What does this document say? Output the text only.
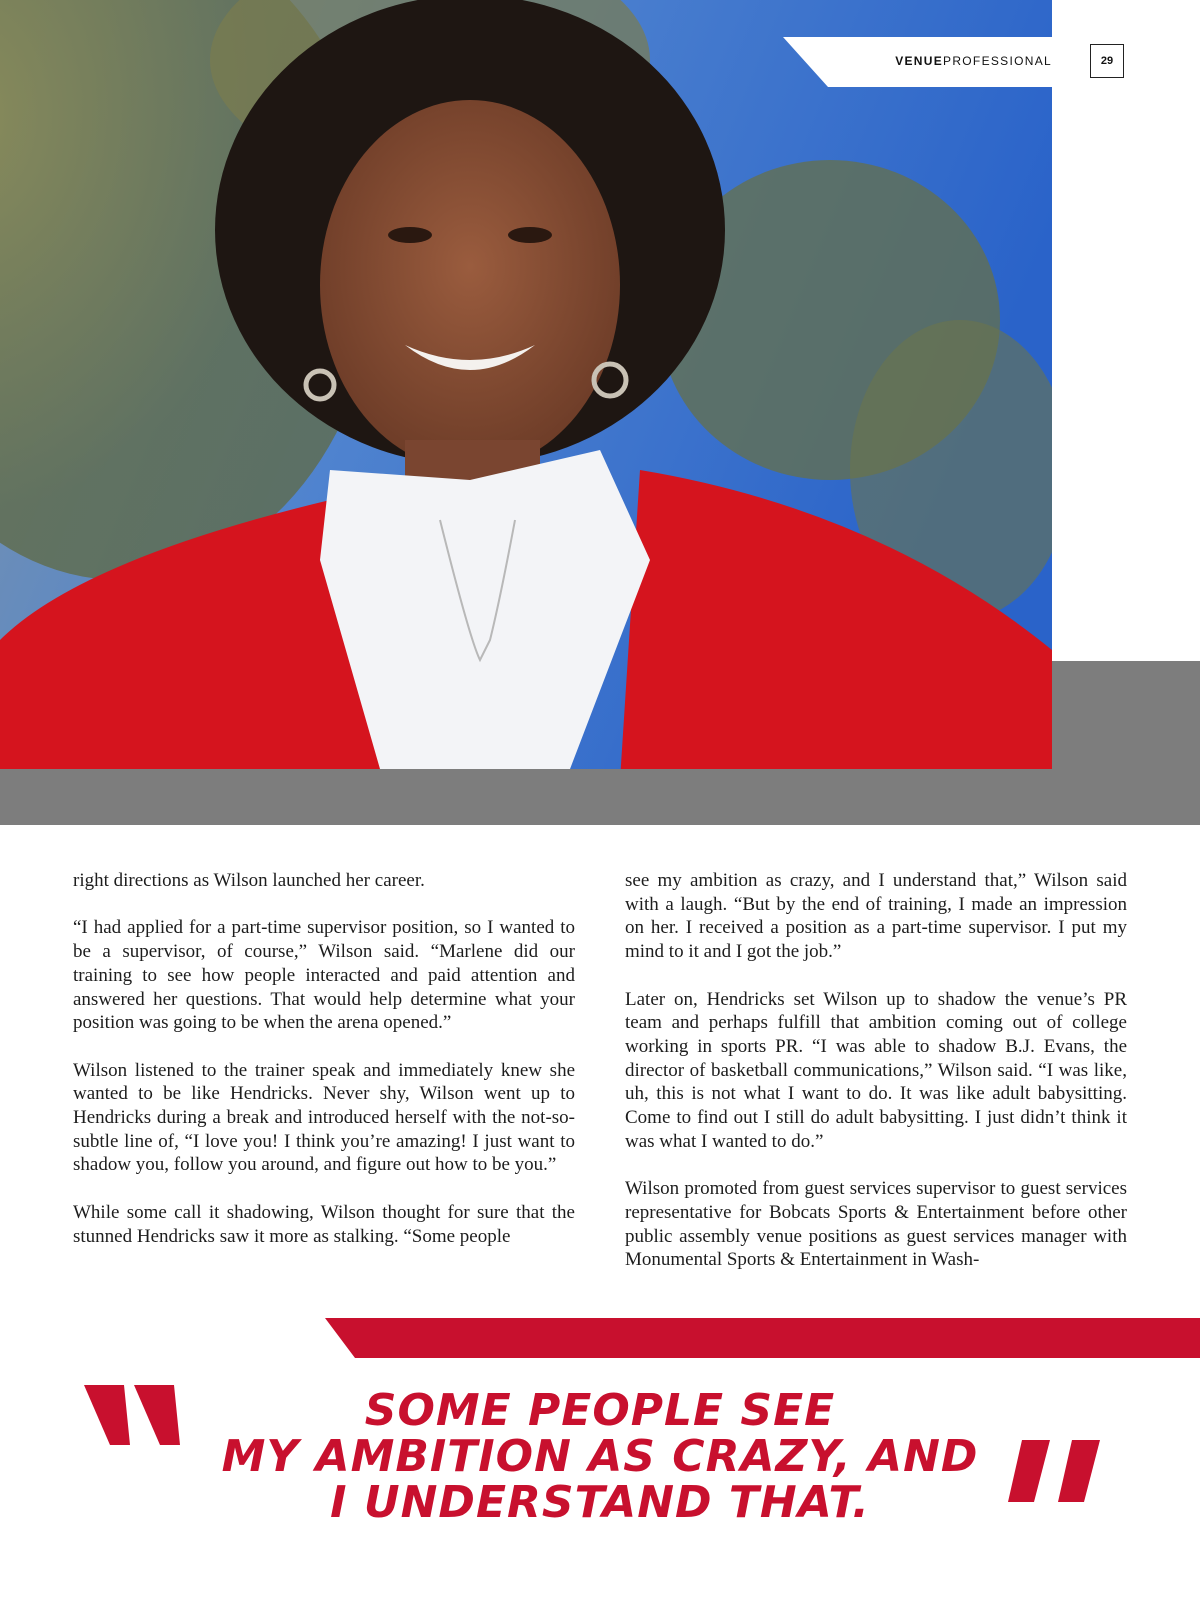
VENUEPROFESSIONAL	29

right directions as Wilson launched her career.

“I had applied for a part-time supervisor position, so I wanted to be a supervisor, of course,” Wilson said. “Marlene did our training to see how people interacted and paid attention and answered her questions. That would help determine what your position was going to be when the arena opened.”

Wilson listened to the trainer speak and immediately knew she wanted to be like Hendricks. Never shy, Wilson went up to Hendricks during a break and introduced herself with the not-so-subtle line of, “I love you! I think you’re amazing! I just want to shadow you, follow you around, and figure out how to be you.”

While some call it shadowing, Wilson thought for sure that the stunned Hendricks saw it more as stalking. “Some people

see my ambition as crazy, and I understand that,” Wilson said with a laugh. “But by the end of training, I made an impression on her. I received a position as a part-time supervisor. I put my mind to it and I got the job.”

Later on, Hendricks set Wilson up to shadow the venue’s PR team and perhaps fulfill that ambition coming out of college working in sports PR. “I was able to shadow B.J. Evans, the director of basketball communications,” Wilson said. “I was like, uh, this is not what I want to do. It was like adult babysitting. Come to find out I still do adult babysitting. I just didn’t think it was what I wanted to do.”

Wilson promoted from guest services supervisor to guest services representative for Bobcats Sports & Entertainment before other public assembly venue positions as guest services manager with Monumental Sports & Entertainment in Wash-

SOME PEOPLE SEE
MY AMBITION AS CRAZY, AND
I UNDERSTAND THAT.
